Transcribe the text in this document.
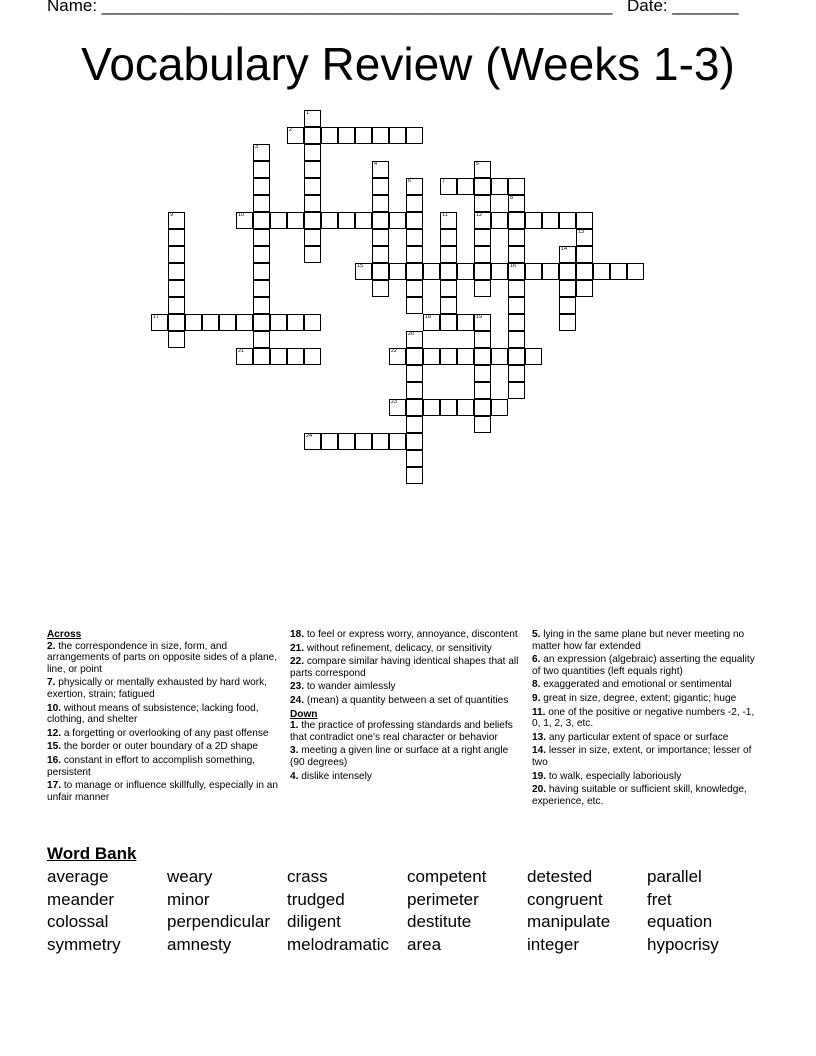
Name: ______________________________________________________ Date: _______
Vocabulary Review (Weeks 1-3)
1
2
3
4	5
12
6	7
8
16
9	10	11
13
14
15
17	18	19
20
21	22
23
24
Across
2. the correspondence in size, form, and arrangements of parts on opposite sides of a plane, line, or point
7. physically or mentally exhausted by hard work, exertion, strain; fatigued
10. without means of subsistence; lacking food, clothing, and shelter
12. a forgetting or overlooking of any past offense
15. the border or outer boundary of a 2D shape
16. constant in effort to accomplish something, persistent
17. to manage or influence skillfully, especially in an unfair manner
18. to feel or express worry, annoyance, discontent
21. without refinement, delicacy, or sensitivity
22. compare similar having identical shapes that all parts correspond
23. to wander aimlessly
24. (mean) a quantity between a set of quantities
Down
1. the practice of professing standards and beliefs that contradict one's real character or behavior
3. meeting a given line or surface at a right angle (90 degrees)
4. dislike intensely
5. lying in the same plane but never meeting no matter how far extended
6. an expression (algebraic) asserting the equality of two quantities (left equals right)
8. exaggerated and emotional or sentimental
9. great in size, degree, extent; gigantic; huge
11. one of the positive or negative numbers -2, -1, 0, 1, 2, 3, etc.
13. any particular extent of space or surface
14. lesser in size, extent, or importance; lesser of two
19. to walk, especially laboriously
20. having suitable or sufficient skill, knowledge, experience, etc.
Word Bank
average	weary	crass	competent	detested	parallel
meander	minor	trudged	perimeter	congruent	fret
colossal	perpendicular diligent	destitute	manipulate	equation
symmetry	amnesty	melodramatic	area	integer	hypocrisy
